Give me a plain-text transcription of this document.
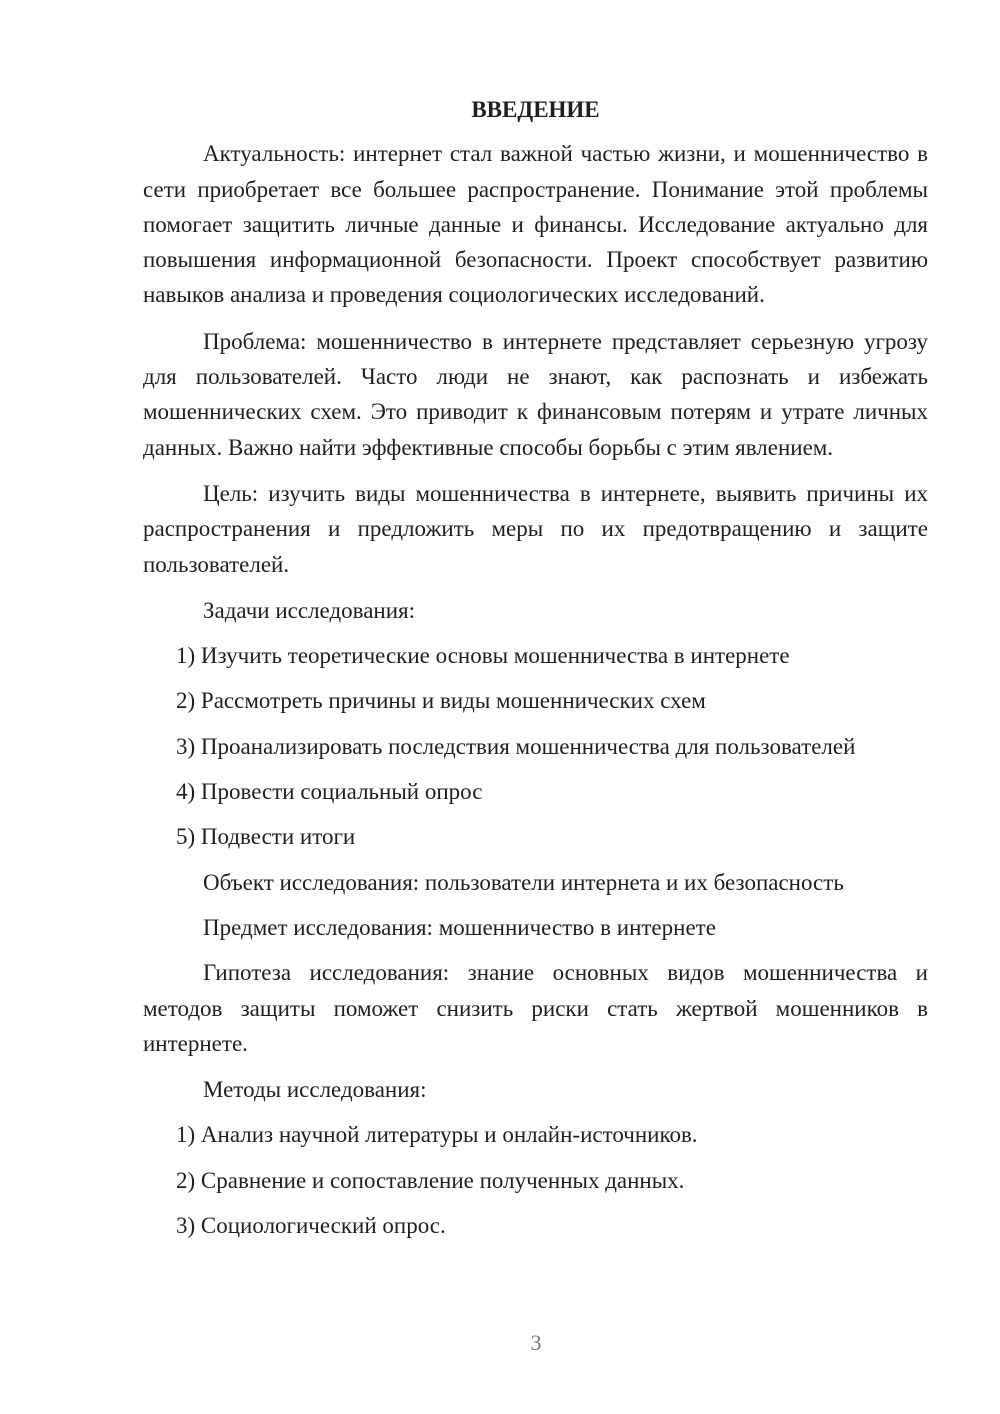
ВВЕДЕНИЕ

Актуальность: интернет стал важной частью жизни, и мошенничество в сети приобретает все большее распространение. Понимание этой проблемы помогает защитить личные данные и финансы. Исследование актуально для повышения информационной безопасности. Проект способствует развитию навыков анализа и проведения социологических исследований.

Проблема: мошенничество в интернете представляет серьезную угрозу для пользователей. Часто люди не знают, как распознать и избежать мошеннических схем. Это приводит к финансовым потерям и утрате личных данных. Важно найти эффективные способы борьбы с этим явлением.

Цель: изучить виды мошенничества в интернете, выявить причины их распространения и предложить меры по их предотвращению и защите пользователей.

Задачи исследования:
1) Изучить теоретические основы мошенничества в интернете
2) Рассмотреть причины и виды мошеннических схем
3) Проанализировать последствия мошенничества для пользователей
4) Провести социальный опрос
5) Подвести итоги
Объект исследования: пользователи интернета и их безопасность
Предмет исследования: мошенничество в интернете

Гипотеза исследования: знание основных видов мошенничества и методов защиты поможет снизить риски стать жертвой мошенников в интернете.

Методы исследования:
1) Анализ научной литературы и онлайн-источников.
2) Сравнение и сопоставление полученных данных.
3) Социологический опрос.
3
